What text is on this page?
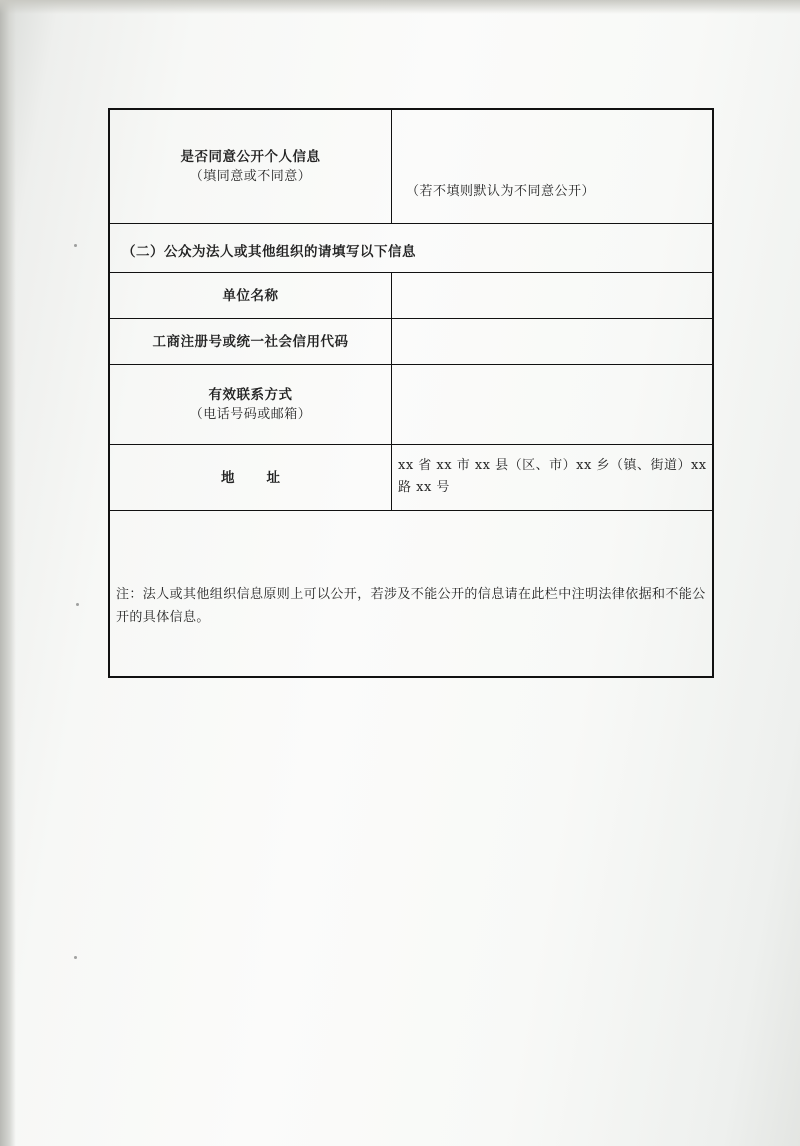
是否同意公开个人信息
（填同意或不同意）
（若不填则默认为不同意公开）
（二）公众为法人或其他组织的请填写以下信息
单位名称
工商注册号或统一社会信用代码
有效联系方式
（电话号码或邮箱）
地址
xx 省 xx 市 xx 县（区、市）xx 乡（镇、街道）xx 路 xx 号
注：法人或其他组织信息原则上可以公开，若涉及不能公开的信息请在此栏中注明法律依据和不能公开的具体信息。
